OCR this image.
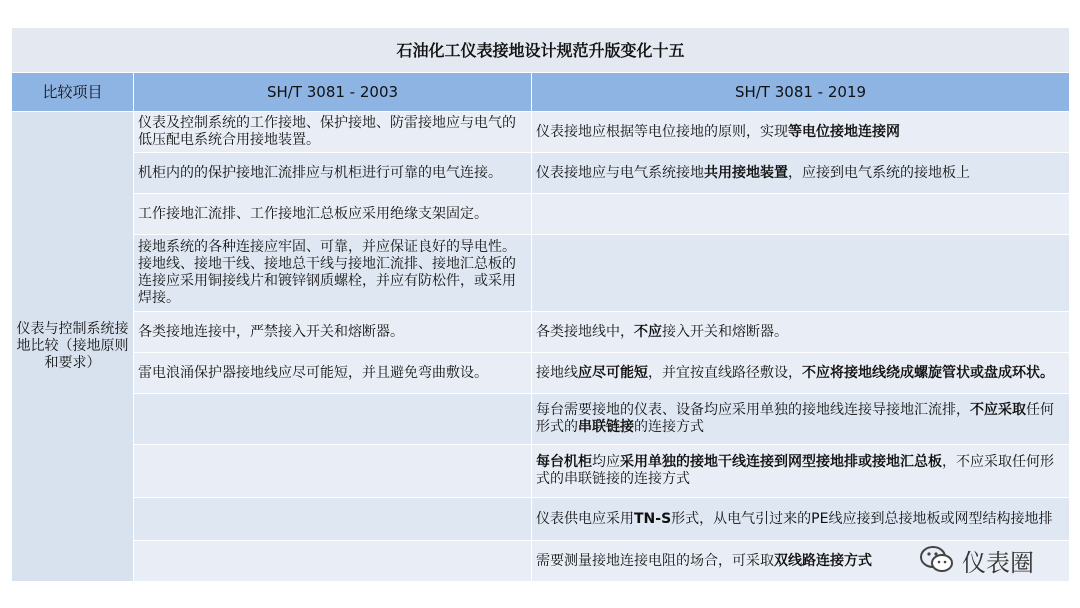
石油化工仪表接地设计规范升版变化十五		
比较项目	SH/T 3081 - 2003	SH/T 3081 - 2019
仪表与控制系统接地比较（接地原则和要求）	仪表及控制系统的工作接地、保护接地、防雷接地应与电气的低压配电系统合用接地装置。	仪表接地应根据等电位接地的原则，实现等电位接地连接网
	机柜内的的保护接地汇流排应与机柜进行可靠的电气连接。	仪表接地应与电气系统接地共用接地装置，应接到电气系统的接地板上
	工作接地汇流排、工作接地汇总板应采用绝缘支架固定。	
	接地系统的各种连接应牢固、可靠，并应保证良好的导电性。接地线、接地干线、接地总干线与接地汇流排、接地汇总板的连接应采用铜接线片和镀锌钢质螺栓，并应有防松件，或采用焊接。	
	各类接地连接中，严禁接入开关和熔断器。	各类接地线中，不应接入开关和熔断器。
	雷电浪涌保护器接地线应尽可能短，并且避免弯曲敷设。	接地线应尽可能短，并宜按直线路径敷设，不应将接地线绕成螺旋管状或盘成环状。
		每台需要接地的仪表、设备均应采用单独的接地线连接导接地汇流排，不应采取任何形式的串联链接的连接方式
		每台机柜均应采用单独的接地干线连接到网型接地排或接地汇总板，不应采取任何形式的串联链接的连接方式
		仪表供电应采用TN-S形式，从电气引过来的PE线应接到总接地板或网型结构接地排
		需要测量接地连接电阻的场合，可采取双线路连接方式	仪表圈
